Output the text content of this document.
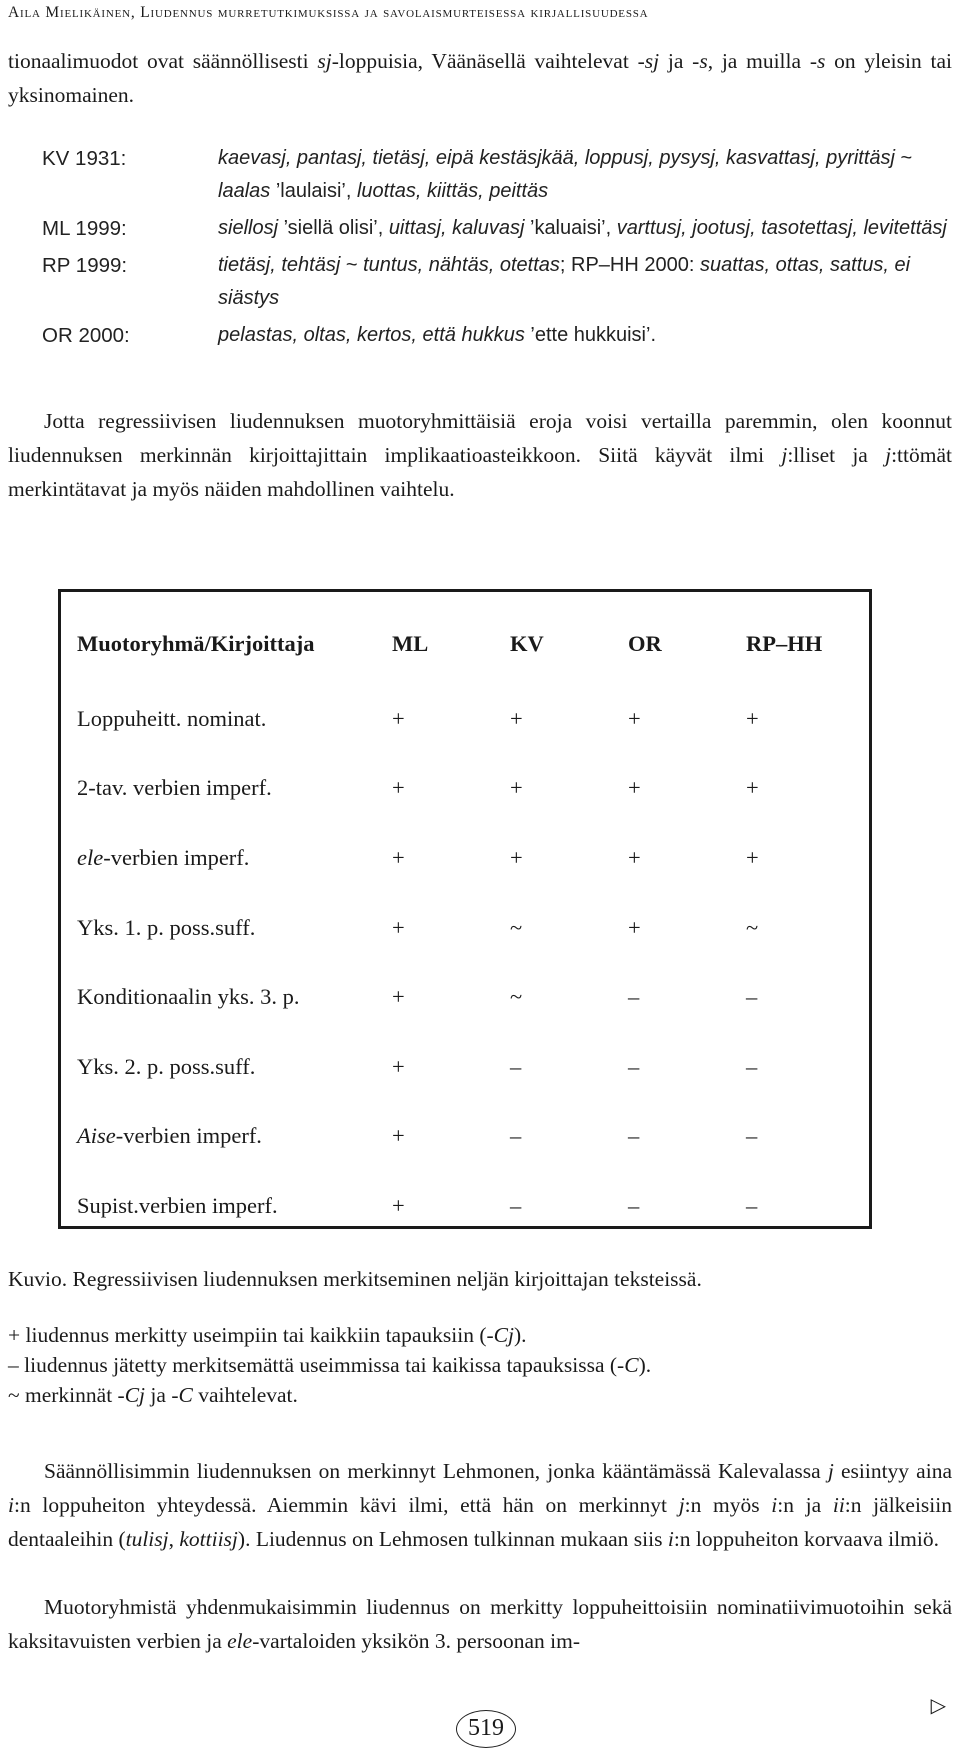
Aila Mielikäinen, Liudennus murretutkimuksissa ja savolaismurteisessa kirjallisuudessa

tionaalimuodot ovat säännöllisesti sj-loppuisia, Väänäsellä vaihtelevat -sj ja -s, ja muilla -s on yleisin tai yksinomainen.

KV 1931:	kaevasj, pantasj, tietäsj, eipä kestäsjkää, loppusj, pysysj, kasvattasj, pyrittäsj ~ laalas ’laulaisi’, luottas, kiittäs, peittäs
ML 1999:	siellosj ’siellä olisi’, uittasj, kaluvasj ’kaluaisi’, varttusj, jootusj, tasotettasj, levitettäsj
RP 1999:	tietäsj, tehtäsj ~ tuntus, nähtäs, otettas; RP–HH 2000: suattas, ottas, sattus, ei siästys
OR 2000:	pelastas, oltas, kertos, että hukkus ’ette hukkuisi’.

Jotta regressiivisen liudennuksen muotoryhmittäisiä eroja voisi vertailla paremmin, olen koonnut liudennuksen merkinnän kirjoittajittain implikaatioasteikkoon. Siitä käyvät ilmi j:lliset ja j:ttömät merkintätavat ja myös näiden mahdollinen vaihtelu.

Muotoryhmä/Kirjoittaja	ML	KV	OR	RP–HH
Loppuheitt. nominat.	+	+	+	+
2-tav. verbien imperf.	+	+	+	+
ele-verbien imperf.	+	+	+	+
Yks. 1. p. poss.suff.	+	~	+	~
Konditionaalin yks. 3. p.	+	~	–	–
Yks. 2. p. poss.suff.	+	–	–	–
Aise-verbien imperf.	+	–	–	–
Supist.verbien imperf.	+	–	–	–
Kuvio. Regressiivisen liudennuksen merkitseminen neljän kirjoittajan teksteissä.
+ liudennus merkitty useimpiin tai kaikkiin tapauksiin (-Cj).
– liudennus jätetty merkitsemättä useimmissa tai kaikissa tapauksissa (-C).
~ merkinnät -Cj ja -C vaihtelevat.

Säännöllisimmin liudennuksen on merkinnyt Lehmonen, jonka kääntämässä Kalevalassa j esiintyy aina i:n loppuheiton yhteydessä. Aiemmin kävi ilmi, että hän on merkinnyt j:n myös i:n ja ii:n jälkeisiin dentaaleihin (tulisj, kottiisj). Liudennus on Lehmosen tulkinnan mukaan siis i:n loppuheiton korvaava ilmiö.

Muotoryhmistä yhdenmukaisimmin liudennus on merkitty loppuheittoisiin nominatiivimuotoihin sekä kaksitavuisten verbien ja ele-vartaloiden yksikön 3. persoonan im-

▷
519
